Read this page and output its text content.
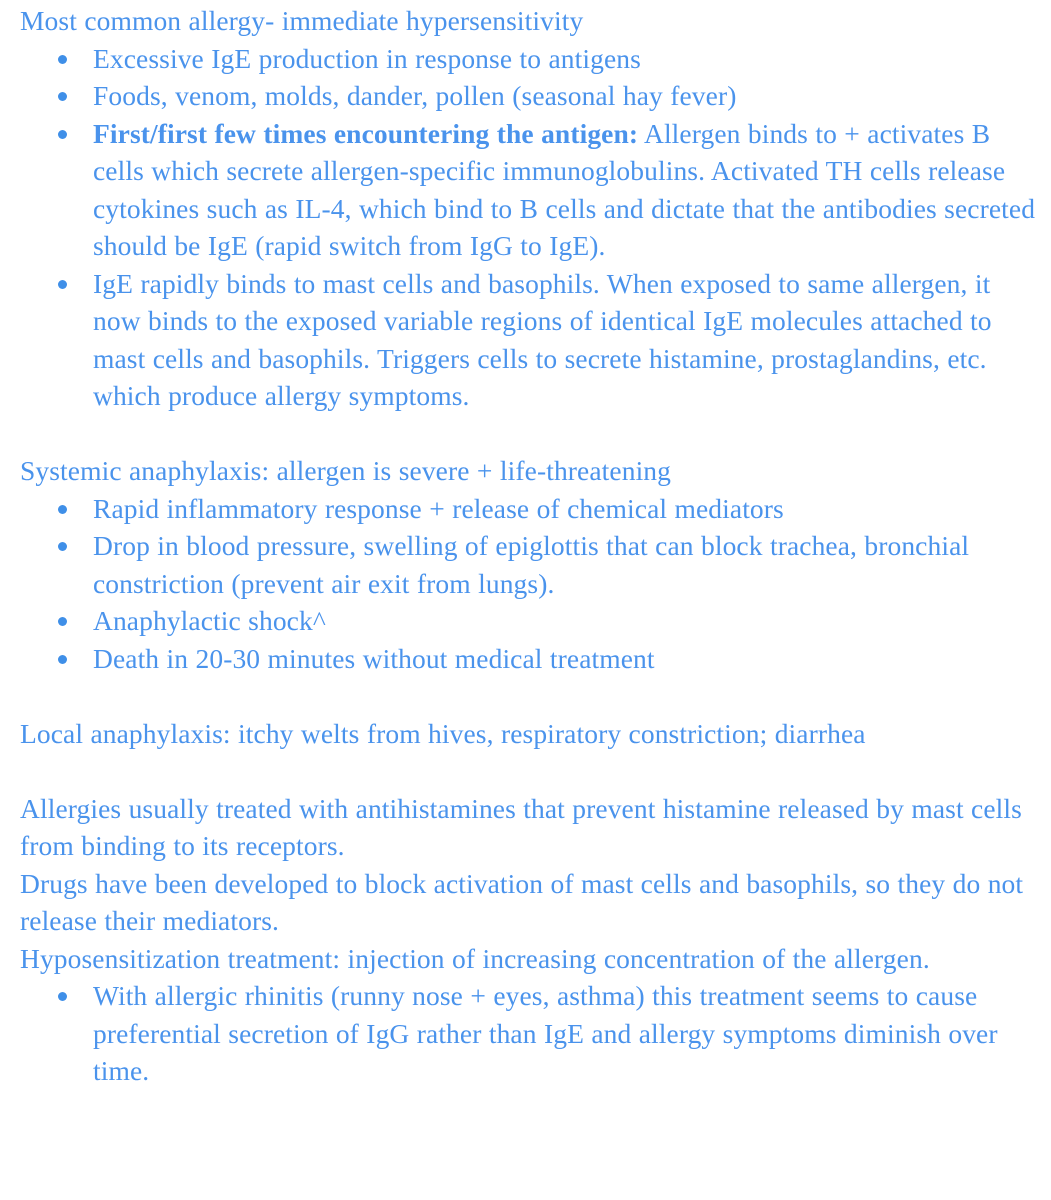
Most common allergy- immediate hypersensitivity

Excessive IgE production in response to antigens
Foods, venom, molds, dander, pollen (seasonal hay fever)
First/first few times encountering the antigen: Allergen binds to + activates B cells which secrete allergen-specific immunoglobulins. Activated TH cells release cytokines such as IL-4, which bind to B cells and dictate that the antibodies secreted should be IgE (rapid switch from IgG to IgE).
IgE rapidly binds to mast cells and basophils. When exposed to same allergen, it now binds to the exposed variable regions of identical IgE molecules attached to mast cells and basophils. Triggers cells to secrete histamine, prostaglandins, etc. which produce allergy symptoms.

Systemic anaphylaxis: allergen is severe + life-threatening

Rapid inflammatory response + release of chemical mediators
Drop in blood pressure, swelling of epiglottis that can block trachea, bronchial constriction (prevent air exit from lungs).
Anaphylactic shock^
Death in 20-30 minutes without medical treatment

Local anaphylaxis: itchy welts from hives, respiratory constriction; diarrhea

Allergies usually treated with antihistamines that prevent histamine released by mast cells from binding to its receptors.

Drugs have been developed to block activation of mast cells and basophils, so they do not release their mediators.

Hyposensitization treatment: injection of increasing concentration of the allergen.

With allergic rhinitis (runny nose + eyes, asthma) this treatment seems to cause preferential secretion of IgG rather than IgE and allergy symptoms diminish over time.
